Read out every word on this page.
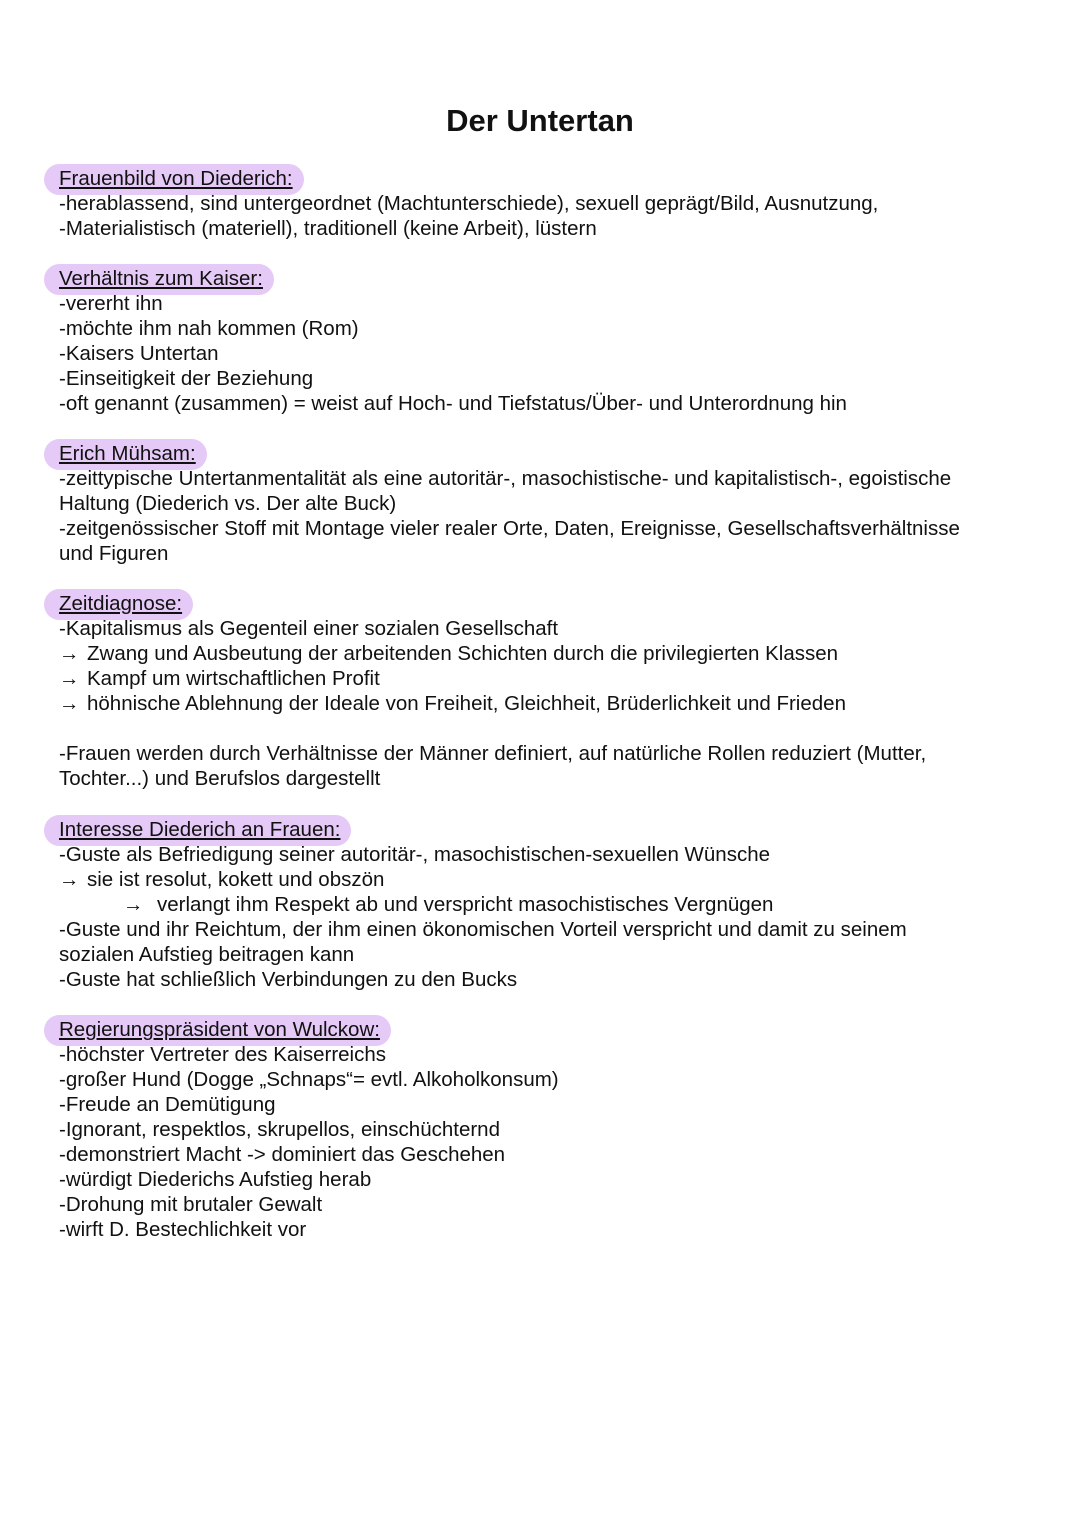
Der Untertan
Frauenbild von Diederich:
-herablassend, sind untergeordnet (Machtunterschiede), sexuell geprägt/Bild, Ausnutzung,
-Materialistisch (materiell), traditionell (keine Arbeit), lüstern
Verhältnis zum Kaiser:
-vererht ihn
-möchte ihm nah kommen (Rom)
-Kaisers Untertan
-Einseitigkeit der Beziehung
-oft genannt (zusammen) = weist auf Hoch- und Tiefstatus/Über- und Unterordnung hin
Erich Mühsam:
-zeittypische Untertanmentalität als eine autoritär-, masochistische- und kapitalistisch-, egoistische
Haltung (Diederich vs. Der alte Buck)
-zeitgenössischer Stoff mit Montage vieler realer Orte, Daten, Ereignisse, Gesellschaftsverhältnisse
und Figuren
Zeitdiagnose:
-Kapitalismus als Gegenteil einer sozialen Gesellschaft
→ Zwang und Ausbeutung der arbeitenden Schichten durch die privilegierten Klassen
→ Kampf um wirtschaftlichen Profit
→ höhnische Ablehnung der Ideale von Freiheit, Gleichheit, Brüderlichkeit und Frieden
-Frauen werden durch Verhältnisse der Männer definiert, auf natürliche Rollen reduziert (Mutter,
Tochter...) und Berufslos dargestellt
Interesse Diederich an Frauen:
-Guste als Befriedigung seiner autoritär-, masochistischen-sexuellen Wünsche
→ sie ist resolut, kokett und obszön
→ verlangt ihm Respekt ab und verspricht masochistisches Vergnügen
-Guste und ihr Reichtum, der ihm einen ökonomischen Vorteil verspricht und damit zu seinem
sozialen Aufstieg beitragen kann
-Guste hat schließlich Verbindungen zu den Bucks
Regierungspräsident von Wulckow:
-höchster Vertreter des Kaiserreichs
-großer Hund (Dogge „Schnaps“= evtl. Alkoholkonsum)
-Freude an Demütigung
-Ignorant, respektlos, skrupellos, einschüchternd
-demonstriert Macht -> dominiert das Geschehen
-würdigt Diederichs Aufstieg herab
-Drohung mit brutaler Gewalt
-wirft D. Bestechlichkeit vor
